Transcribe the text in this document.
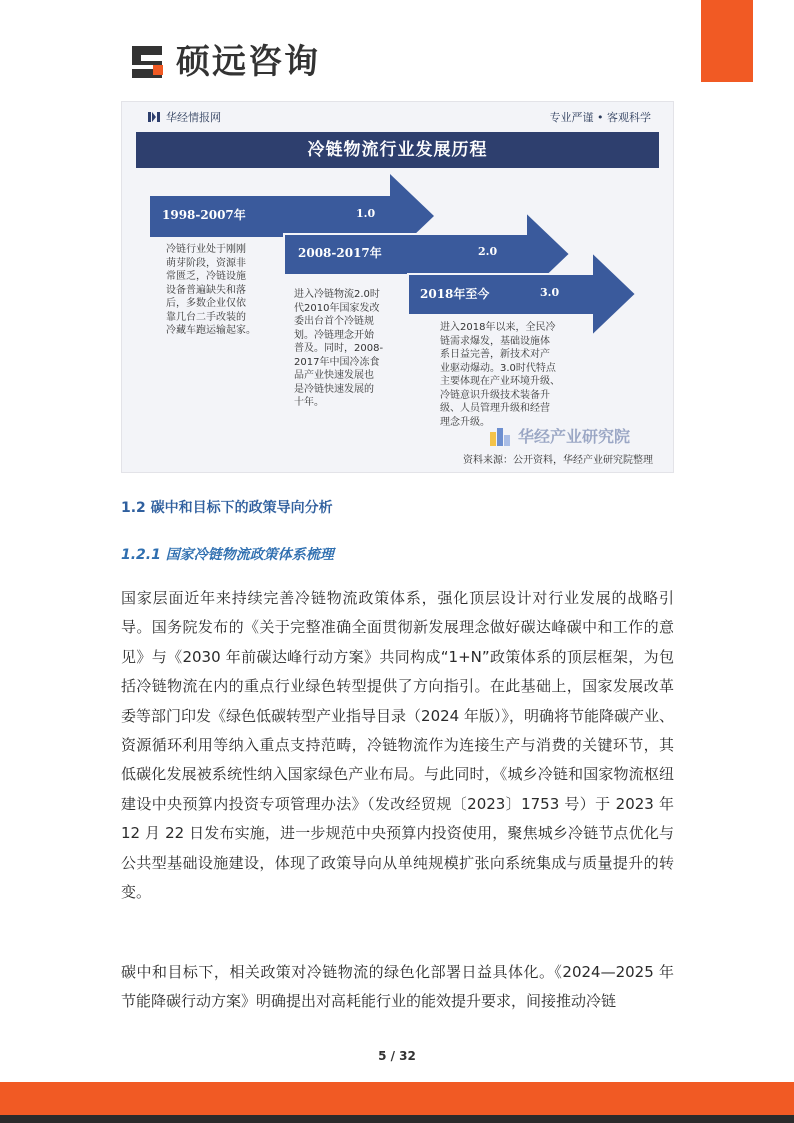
硕远咨询
华经情报网	专业严谨 • 客观科学
冷链物流行业发展历程
1998-2007年	1.0
2008-2017年	2.0
2018年至今	3.0
冷链行业处于刚刚
萌芽阶段，资源非
常匮乏，冷链设施
设备普遍缺失和落
后，多数企业仅依
靠几台二手改装的
冷藏车跑运输起家。
进入冷链物流2.0时
代2010年国家发改
委出台首个冷链规
划。冷链理念开始
普及。同时，2008-
2017年中国冷冻食
品产业快速发展也
是冷链快速发展的
十年。
进入2018年以来，全民冷
链需求爆发，基础设施体
系日益完善，新技术对产
业驱动爆动。3.0时代特点
主要体现在产业环境升级、
冷链意识升级技术装备升
级、人员管理升级和经营
理念升级。
华经产业研究院
资料来源：公开资料，华经产业研究院整理
1.2 碳中和目标下的政策导向分析
1.2.1 国家冷链物流政策体系梳理

国家层面近年来持续完善冷链物流政策体系，强化顶层设计对行业发展的战略引导。国务院发布的《关于完整准确全面贯彻新发展理念做好碳达峰碳中和工作的意见》与《2030 年前碳达峰行动方案》共同构成“1+N”政策体系的顶层框架，为包括冷链物流在内的重点行业绿色转型提供了方向指引。在此基础上，国家发展改革委等部门印发《绿色低碳转型产业指导目录（2024 年版）》，明确将节能降碳产业、资源循环利用等纳入重点支持范畴，冷链物流作为连接生产与消费的关键环节，其低碳化发展被系统性纳入国家绿色产业布局。与此同时，《城乡冷链和国家物流枢纽建设中央预算内投资专项管理办法》（发改经贸规〔2023〕1753 号）于 2023 年 12 月 22 日发布实施，进一步规范中央预算内投资使用，聚焦城乡冷链节点优化与公共型基础设施建设，体现了政策导向从单纯规模扩张向系统集成与质量提升的转变。

碳中和目标下，相关政策对冷链物流的绿色化部署日益具体化。《2024—2025 年节能降碳行动方案》明确提出对高耗能行业的能效提升要求，间接推动冷链

5 / 32
